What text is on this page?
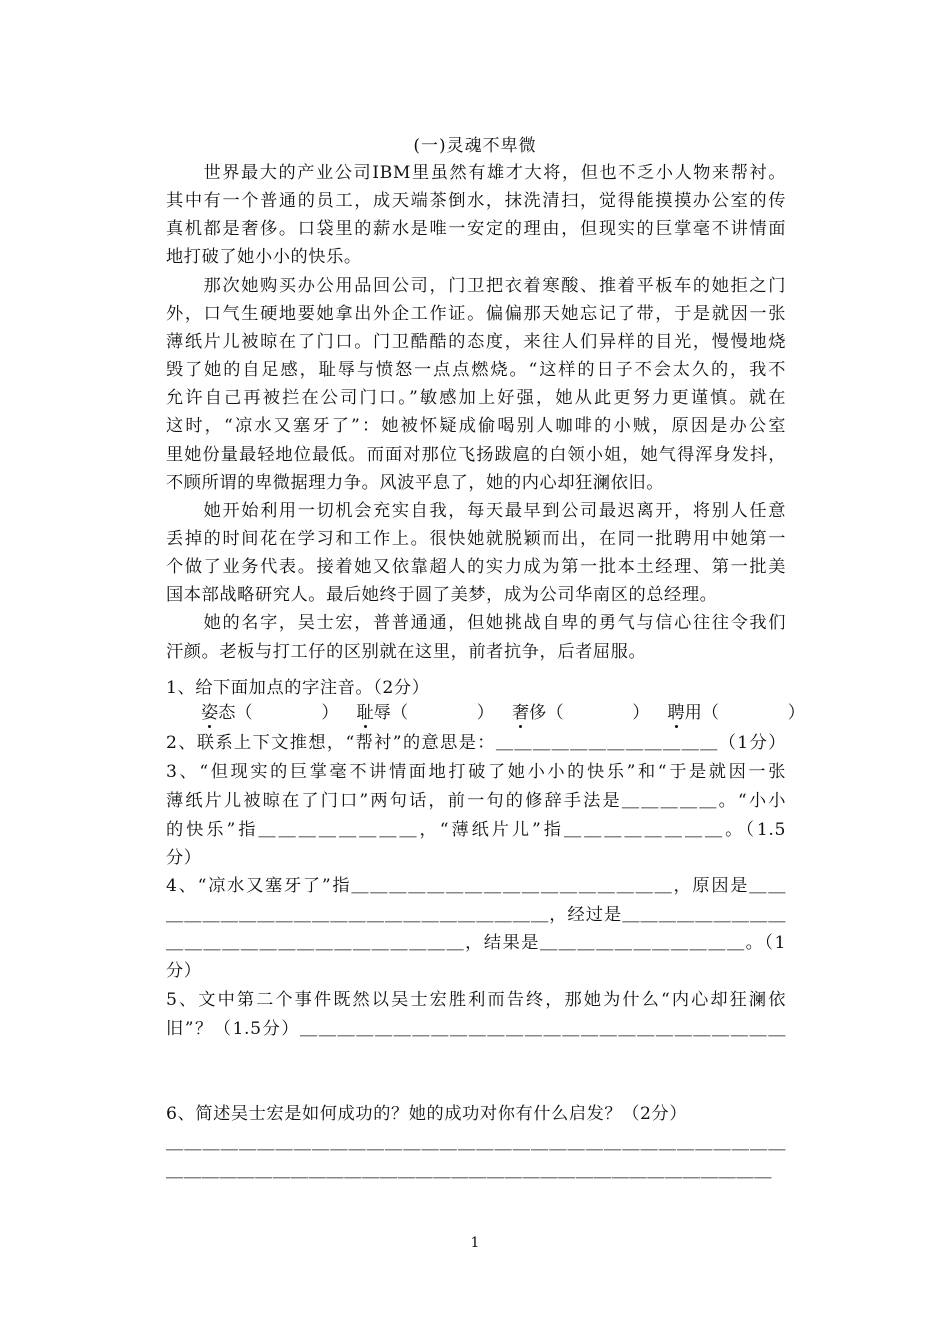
(一)灵魂不卑微
　　世界最大的产业公司IBM里虽然有雄才大将，但也不乏小人物来帮衬。
其中有一个普通的员工，成天端茶倒水，抹洗清扫，觉得能摸摸办公室的传
真机都是奢侈。口袋里的薪水是唯一安定的理由，但现实的巨掌毫不讲情面
地打破了她小小的快乐。
　　那次她购买办公用品回公司，门卫把衣着寒酸、推着平板车的她拒之门
外，口气生硬地要她拿出外企工作证。偏偏那天她忘记了带，于是就因一张
薄纸片儿被晾在了门口。门卫酷酷的态度，来往人们异样的目光，慢慢地烧
毁了她的自足感，耻辱与愤怒一点点燃烧。“这样的日子不会太久的，我不
允许自己再被拦在公司门口。”敏感加上好强，她从此更努力更谨慎。就在
这时，“凉水又塞牙了”：她被怀疑成偷喝别人咖啡的小贼，原因是办公室
里她份量最轻地位最低。而面对那位飞扬跋扈的白领小姐，她气得浑身发抖，
不顾所谓的卑微据理力争。风波平息了，她的内心却狂澜依旧。
　　她开始利用一切机会充实自我，每天最早到公司最迟离开，将别人任意
丢掉的时间花在学习和工作上。很快她就脱颖而出，在同一批聘用中她第一
个做了业务代表。接着她又依靠超人的实力成为第一批本土经理、第一批美
国本部战略研究人。最后她终于圆了美梦，成为公司华南区的总经理。
　　她的名字，吴士宏，普普通通，但她挑战自卑的勇气与信心往往令我们
汗颜。老板与打工仔的区别就在这里，前者抗争，后者屈服。
1、给下面加点的字注音。（2分）
姿态（　　　　） 耻辱（　　　　） 奢侈（　　　　） 聘用（　　　　）
2、联系上下文推想，“帮衬”的意思是：＿＿＿＿＿＿＿＿＿＿＿＿（1分）
3、“但现实的巨掌毫不讲情面地打破了她小小的快乐”和“于是就因一张
薄纸片儿被晾在了门口”两句话，前一句的修辞手法是＿＿＿＿＿。“小小
的快乐”指＿＿＿＿＿＿＿＿，“薄纸片儿”指＿＿＿＿＿＿＿＿。（1.5
分）
4、“凉水又塞牙了”指＿＿＿＿＿＿＿＿＿＿＿＿＿＿＿＿＿，原因是＿＿
＿＿＿＿＿＿＿＿＿＿＿＿＿＿＿＿＿＿＿＿＿，经过是＿＿＿＿＿＿＿＿＿
＿＿＿＿＿＿＿＿＿＿＿＿＿＿＿＿，结果是＿＿＿＿＿＿＿＿＿＿＿。（1
分）
5、文中第二个事件既然以吴士宏胜利而告终，那她为什么“内心却狂澜依
旧”？（1.5分）＿＿＿＿＿＿＿＿＿＿＿＿＿＿＿＿＿＿＿＿＿＿＿＿＿＿
6、简述吴士宏是如何成功的？她的成功对你有什么启发？（2分）
＿＿＿＿＿＿＿＿＿＿＿＿＿＿＿＿＿＿＿＿＿＿＿＿＿＿＿＿＿＿＿＿＿＿
＿＿＿＿＿＿＿＿＿＿＿＿＿＿＿＿＿＿＿＿＿＿＿＿＿＿＿＿＿＿＿＿＿＿
1
